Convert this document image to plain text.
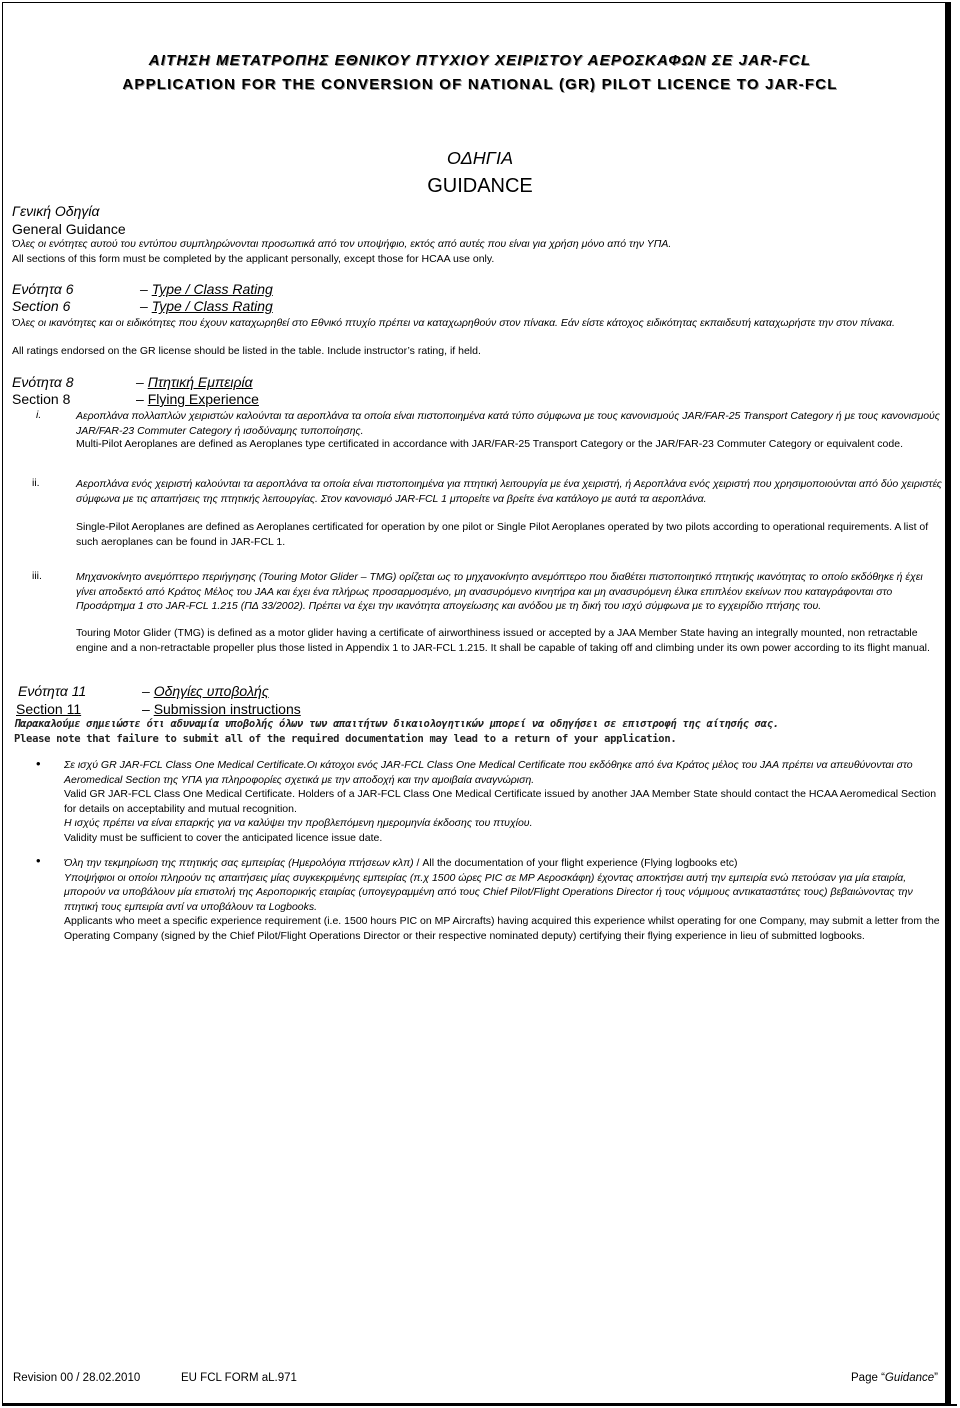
ΑΙΤΗΣΗ ΜΕΤΑΤΡΟΠΗΣ ΕΘΝΙΚΟΥ ΠΤΥΧΙΟΥ ΧΕΙΡΙΣΤΟΥ ΑΕΡΟΣΚΑΦΩΝ ΣΕ JAR-FCL
APPLICATION FOR THE CONVERSION OF NATIONAL (GR) PILOT LICENCE TO JAR-FCL
ΟΔΗΓΙΑ
GUIDANCE
Γενική Οδηγία
General Guidance
Όλες οι ενότητες αυτού του εντύπου συμπληρώνονται προσωπικά από τον υποψήφιο, εκτός από αυτές που είναι για χρήση μόνο από την ΥΠΑ.
All sections of this form must be completed by the applicant personally, except those for HCAA use only.
Ενότητα 6	– Type / Class Rating
Section 6	– Type / Class Rating
Όλες οι ικανότητες και οι ειδικότητες που έχουν καταχωρηθεί στο Εθνικό πτυχίο πρέπει να καταχωρηθούν στον πίνακα. Εάν είστε κάτοχος ειδικότητας εκπαιδευτή καταχωρήστε την στον πίνακα.
All ratings endorsed on the GR license should be listed in the table. Include instructor’s rating, if held.
Ενότητα 8	– Πτητική Εμπειρία
Section 8	– Flying Experience
i.	Αεροπλάνα πολλαπλών χειριστών καλούνται τα αεροπλάνα τα οποία είναι πιστοποιημένα κατά τύπο σύμφωνα με τους κανονισμούς JAR/FAR-25 Transport Category ή με τους κανονισμούς JAR/FAR-23 Commuter Category ή ισοδύναμης τυποποίησης.
Multi-Pilot Aeroplanes are defined as Aeroplanes type certificated in accordance with JAR/FAR-25 Transport Category or the JAR/FAR-23 Commuter Category or equivalent code.
ii.	Αεροπλάνα ενός χειριστή καλούνται τα αεροπλάνα τα οποία είναι πιστοποιημένα για πτητική λειτουργία με ένα χειριστή, ή Αεροπλάνα ενός χειριστή που χρησιμοποιούνται από δύο χειριστές σύμφωνα με τις απαιτήσεις της πτητικής λειτουργίας. Στον κανονισμό JAR-FCL 1 μπορείτε να βρείτε ένα κατάλογο με αυτά τα αεροπλάνα.
Single-Pilot Aeroplanes are defined as Aeroplanes certificated for operation by one pilot or Single Pilot Aeroplanes operated by two pilots according to operational requirements. A list of such aeroplanes can be found in JAR-FCL 1.
iii.	Μηχανοκίνητο ανεμόπτερο περιήγησης (Touring Motor Glider – TMG) ορίζεται ως το μηχανοκίνητο ανεμόπτερο που διαθέτει πιστοποιητικό πτητικής ικανότητας το οποίο εκδόθηκε ή έχει γίνει αποδεκτό από Κράτος Μέλος του JAA και έχει ένα πλήρως προσαρμοσμένο, μη ανασυρόμενο κινητήρα και μη ανασυρόμενη έλικα επιπλέον εκείνων που καταγράφονται στο Προσάρτημα 1 στο JAR-FCL 1.215 (ΠΔ 33/2002). Πρέπει να έχει την ικανότητα απογείωσης και ανόδου με τη δική του ισχύ σύμφωνα με το εγχειρίδιο πτήσης του.
Touring Motor Glider (TMG) is defined as a motor glider having a certificate of airworthiness issued or accepted by a JAA Member State having an integrally mounted, non retractable engine and a non-retractable propeller plus those listed in Appendix 1 to JAR-FCL 1.215. It shall be capable of taking off and climbing under its own power according to its flight manual.
Ενότητα 11	– Οδηγίες υποβολής
Section 11	– Submission instructions
Παρακαλούμε σημειώστε ότι αδυναμία υποβολής όλων των απαιτήτων δικαιολογητικών μπορεί να οδηγήσει σε επιστροφή της αίτησής σας.
Please note that failure to submit all of the required documentation may lead to a return of your application.
• Σε ισχύ GR JAR-FCL Class One Medical Certificate.Οι κάτοχοι ενός JAR-FCL Class One Medical Certificate που εκδόθηκε από ένα Κράτος μέλος του JAA πρέπει να απευθύνονται στο Aeromedical Section της ΥΠΑ για πληροφορίες σχετικά με την αποδοχή και την αμοιβαία αναγνώριση.
Valid GR JAR-FCL Class One Medical Certificate. Holders of a JAR-FCL Class One Medical Certificate issued by another JAA Member State should contact the HCAA Aeromedical Section for details on acceptability and mutual recognition.
Η ισχύς πρέπει να είναι επαρκής για να καλύψει την προβλεπόμενη ημερομηνία έκδοσης του πτυχίου.
Validity must be sufficient to cover the anticipated licence issue date.
• Όλη την τεκμηρίωση της πτητικής σας εμπειρίας (Ημερολόγια πτήσεων κλπ) / All the documentation of your flight experience (Flying logbooks etc)
Υποψήφιοι οι οποίοι πληρούν τις απαιτήσεις μίας συγκεκριμένης εμπειρίας (π.χ 1500 ώρες PIC σε MP Αεροσκάφη) έχοντας αποκτήσει αυτή την εμπειρία ενώ πετούσαν για μία εταιρία, μπορούν να υποβάλουν μία επιστολή της Αεροπορικής εταιρίας (υπογεγραμμένη από τους Chief Pilot/Flight Operations Director ή τους νόμιμους αντικαταστάτες τους) βεβαιώνοντας την πτητική τους εμπειρία αντί να υποβάλουν τα Logbooks.
Applicants who meet a specific experience requirement (i.e. 1500 hours PIC on MP Aircrafts) having acquired this experience whilst operating for one Company, may submit a letter from the Operating Company (signed by the Chief Pilot/Flight Operations Director or their respective nominated deputy) certifying their flying experience in lieu of submitted logbooks.
Revision 00 / 28.02.2010	EU FCL FORM aL.971	Page “Guidance”
